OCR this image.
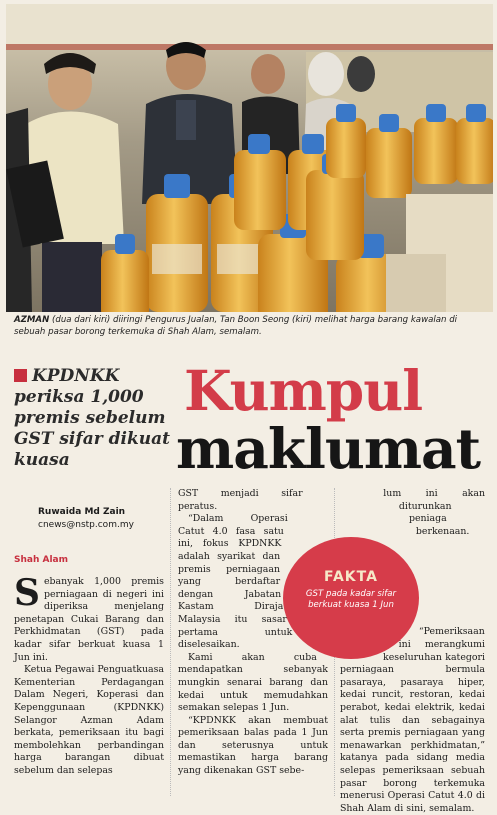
AZMAN (dua dari kiri) diiringi Pengurus Jualan, Tan Boon Seong (kiri) melihat harga barang kawalan di sebuah pasar borong terkemuka di Shah Alam, semalam.
KPDNKK periksa 1,000 premis sebelum GST sifar dikuat kuasa
Kumpul
maklumat
Ruwaida Md Zain
cnews@nstp.com.my
Shah Alam

Sebanyak 1,000 premis perniagaan di negeri ini diperiksa menjelang penetapan Cukai Barang dan Perkhidmatan (GST) pada kadar sifar berkuat kuasa 1 Jun ini.

Ketua Pegawai Penguatkuasa Kementerian Perdagangan Dalam Negeri, Koperasi dan Kepenggunaan (KPDNKK) Selangor Azman Adam berkata, pemeriksaan itu bagi membolehkan perbandingan harga barangan dibuat sebelum dan selepas

GST menjadi sifar peratus.

“Dalam Operasi Catut 4.0 fasa satu ini, fokus KPDNKK adalah syarikat dan premis perniagaan yang berdaftar dengan Jabatan Kastam Diraja Malaysia itu sasar pertama untuk diselesaikan.

Kami akan cuba mendapatkan sebanyak mungkin senarai barang dan kedai untuk memudahkan semakan selepas 1 Jun.

“KPDNKK akan membuat pemeriksaan balas pada 1 Jun dan seterusnya untuk memastikan harga barang yang dikenakan GST sebe-

lum ini akan diturunkan peniaga berkenaan.

“Pemeriksaan ini merangkumi keseluruhan kategori perniagaan bermula pasaraya, pasaraya hiper, kedai runcit, restoran, kedai perabot, kedai elektrik, kedai alat tulis dan sebagainya serta premis perniagaan yang menawarkan perkhidmatan,” katanya pada sidang media selepas pemeriksaan sebuah pasar borong terkemuka menerusi Operasi Catut 4.0 di Shah Alam di sini, semalam.

FAKTA
GST pada kadar sifar berkuat kuasa 1 Jun
